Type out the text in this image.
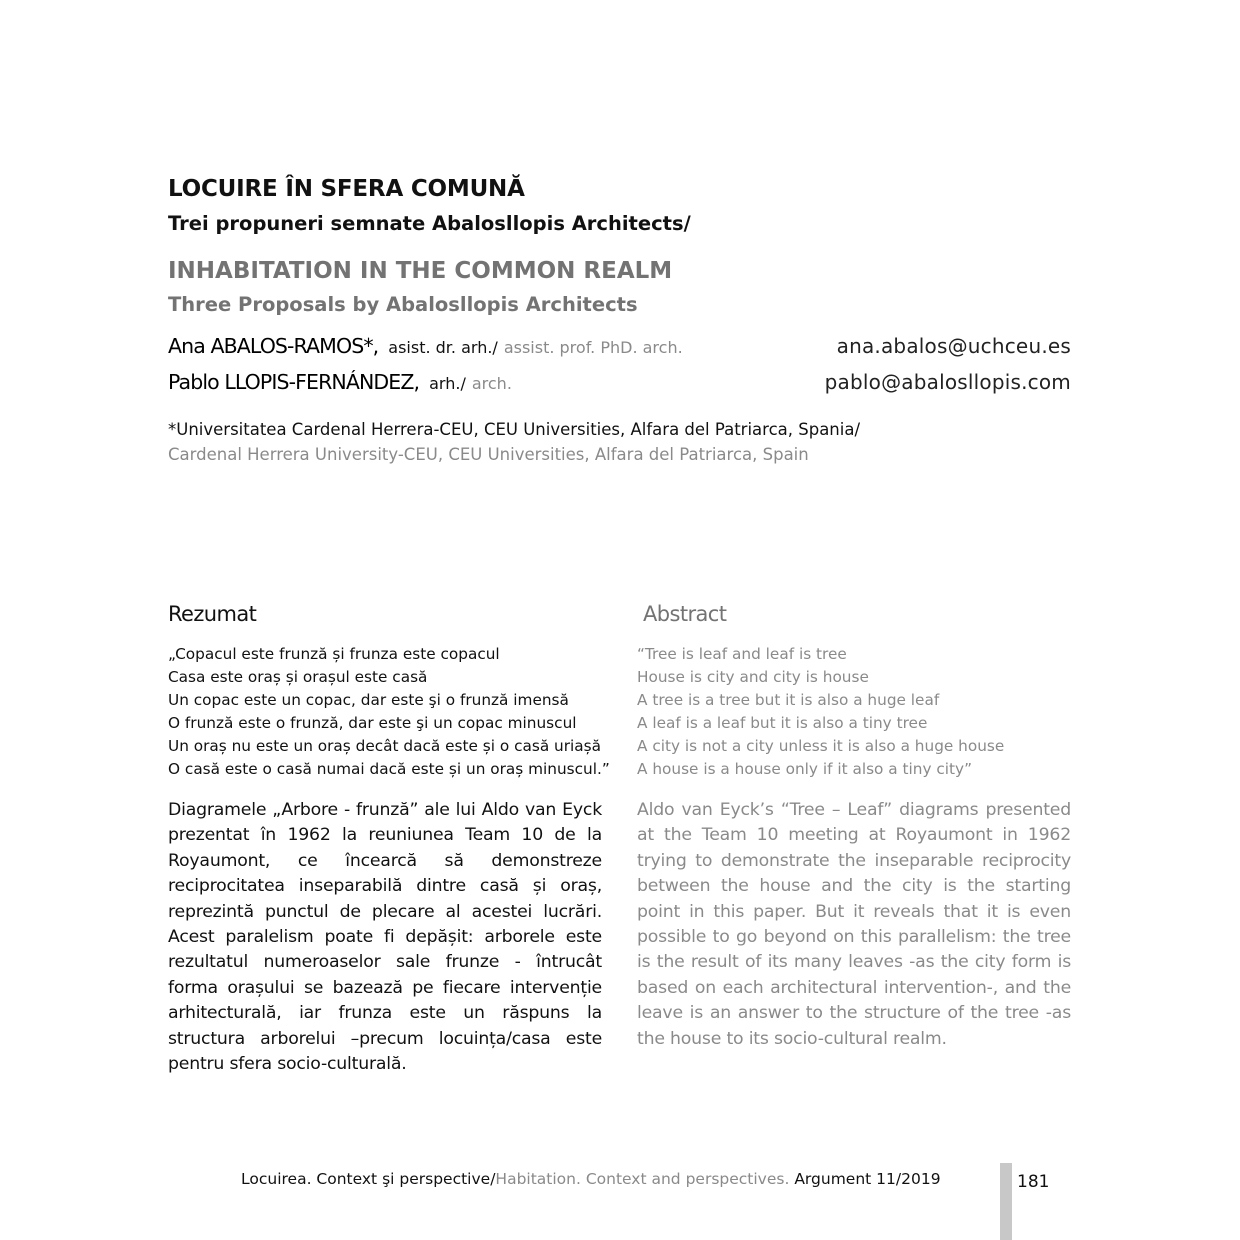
LOCUIRE ÎN SFERA COMUNĂ
Trei propuneri semnate Abalosllopis Architects/
INHABITATION IN THE COMMON REALM
Three Proposals by Abalosllopis Architects
Ana ABALOS-RAMOS*, asist. dr. arh./ assist. prof. PhD. arch.	ana.abalos@uchceu.es
Pablo LLOPIS-FERNÁNDEZ, arh./ arch.	pablo@abalosllopis.com
*Universitatea Cardenal Herrera-CEU, CEU Universities, Alfara del Patriarca, Spania/
Cardenal Herrera University-CEU, CEU Universities, Alfara del Patriarca, Spain
Rezumat	Abstract
„Copacul este frunză și frunza este copacul
Casa este oraș și orașul este casă
Un copac este un copac, dar este şi o frunză imensă
O frunză este o frunză, dar este şi un copac minuscul
Un oraș nu este un oraș decât dacă este și o casă uriașă
O casă este o casă numai dacă este și un oraș minuscul.”
“Tree is leaf and leaf is tree
House is city and city is house
A tree is a tree but it is also a huge leaf
A leaf is a leaf but it is also a tiny tree
A city is not a city unless it is also a huge house
A house is a house only if it also a tiny city”
Diagramele „Arbore - frunză” ale lui Aldo van Eyck prezentat în 1962 la reuniunea Team 10 de la Royaumont, ce încearcă să demonstreze reciprocitatea inseparabilă dintre casă și oraș, reprezintă punctul de plecare al acestei lucrări. Acest paralelism poate fi depășit: arborele este rezultatul numeroaselor sale frunze - întrucât forma orașului se bazează pe fiecare intervenție arhitecturală, iar frunza este un răspuns la structura arborelui –precum locuința/casa este pentru sfera socio-culturală.
Aldo van Eyck’s “Tree – Leaf” diagrams presented at the Team 10 meeting at Royaumont in 1962 trying to demonstrate the inseparable reciprocity between the house and the city is the starting point in this paper. But it reveals that it is even possible to go beyond on this parallelism: the tree is the result of its many leaves -as the city form is based on each architectural intervention-, and the leave is an answer to the structure of the tree -as the house to its socio-cultural realm.
Locuirea. Context şi perspective/Habitation. Context and perspectives. Argument 11/2019	181
